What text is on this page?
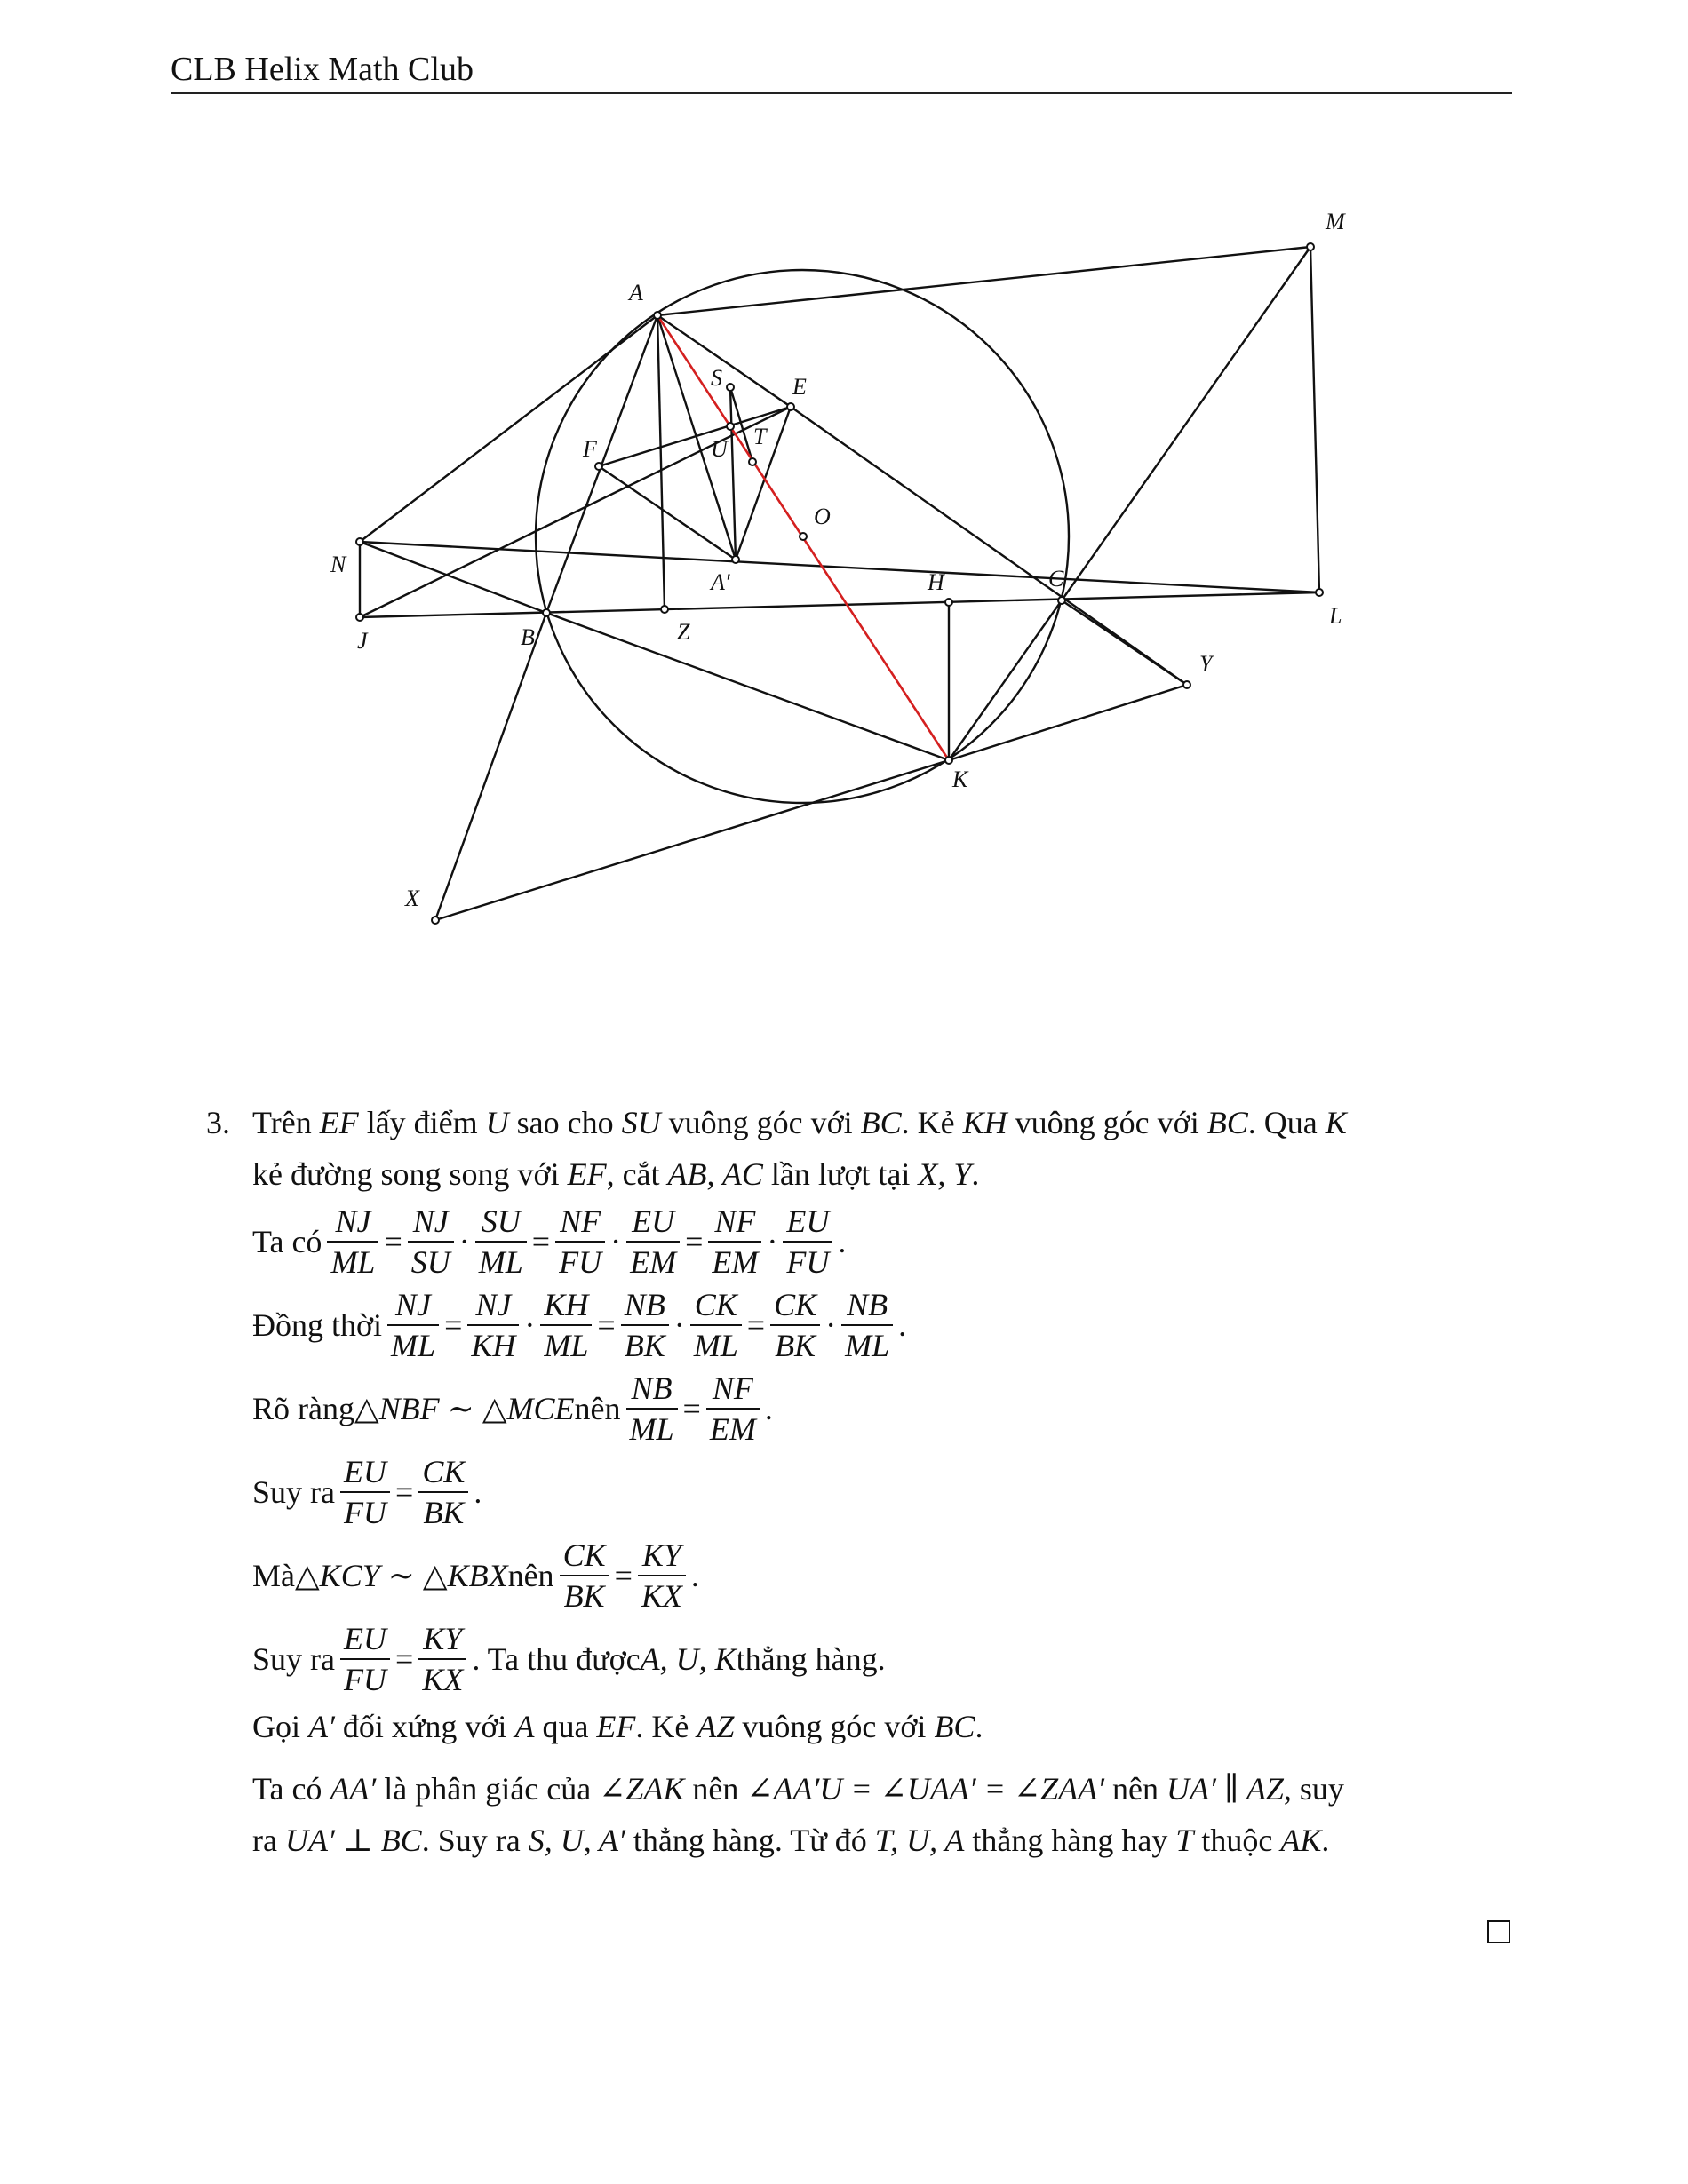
CLB Helix Math Club
A
M
S	E
F	U T
O
N
J	B	Z
A′	H	C
L
Y
K
X
3. Trên EF lấy điểm U sao cho SU vuông góc với BC. Kẻ KH vuông góc với BC. Qua K
kẻ đường song song với EF, cắt AB, AC lần lượt tại X, Y.
Ta có $\frac{NJ}{ML} = \frac{NJ}{SU} \cdot \frac{SU}{ML} = \frac{NF}{FU} \cdot \frac{EU}{EM} = \frac{NF}{EM} \cdot \frac{EU}{FU}$ .
Đồng thời $\frac{NJ}{ML} = \frac{NJ}{KH} \cdot \frac{KH}{ML} = \frac{NB}{BK} \cdot \frac{CK}{ML} = \frac{CK}{BK} \cdot \frac{NB}{ML}$ .
Rõ ràng △NBF ∼ △MCE nên $\frac{NB}{ML} = \frac{NF}{EM}$ .
Suy ra $\frac{EU}{FU} = \frac{CK}{BK}$ .
Mà △KCY ∼ △KBX nên $\frac{CK}{BK} = \frac{KY}{KX}$ .
Suy ra $\frac{EU}{FU} = \frac{KY}{KX}$ . Ta thu được A, U, K thẳng hàng.
Gọi A′ đối xứng với A qua EF. Kẻ AZ vuông góc với BC.
Ta có AA′ là phân giác của ∠ZAK nên ∠AA′U = ∠UAA′ = ∠ZAA′ nên UA′ ∥ AZ, suy
ra UA′ ⊥ BC. Suy ra S, U, A′ thẳng hàng. Từ đó T, U, A thẳng hàng hay T thuộc AK.
